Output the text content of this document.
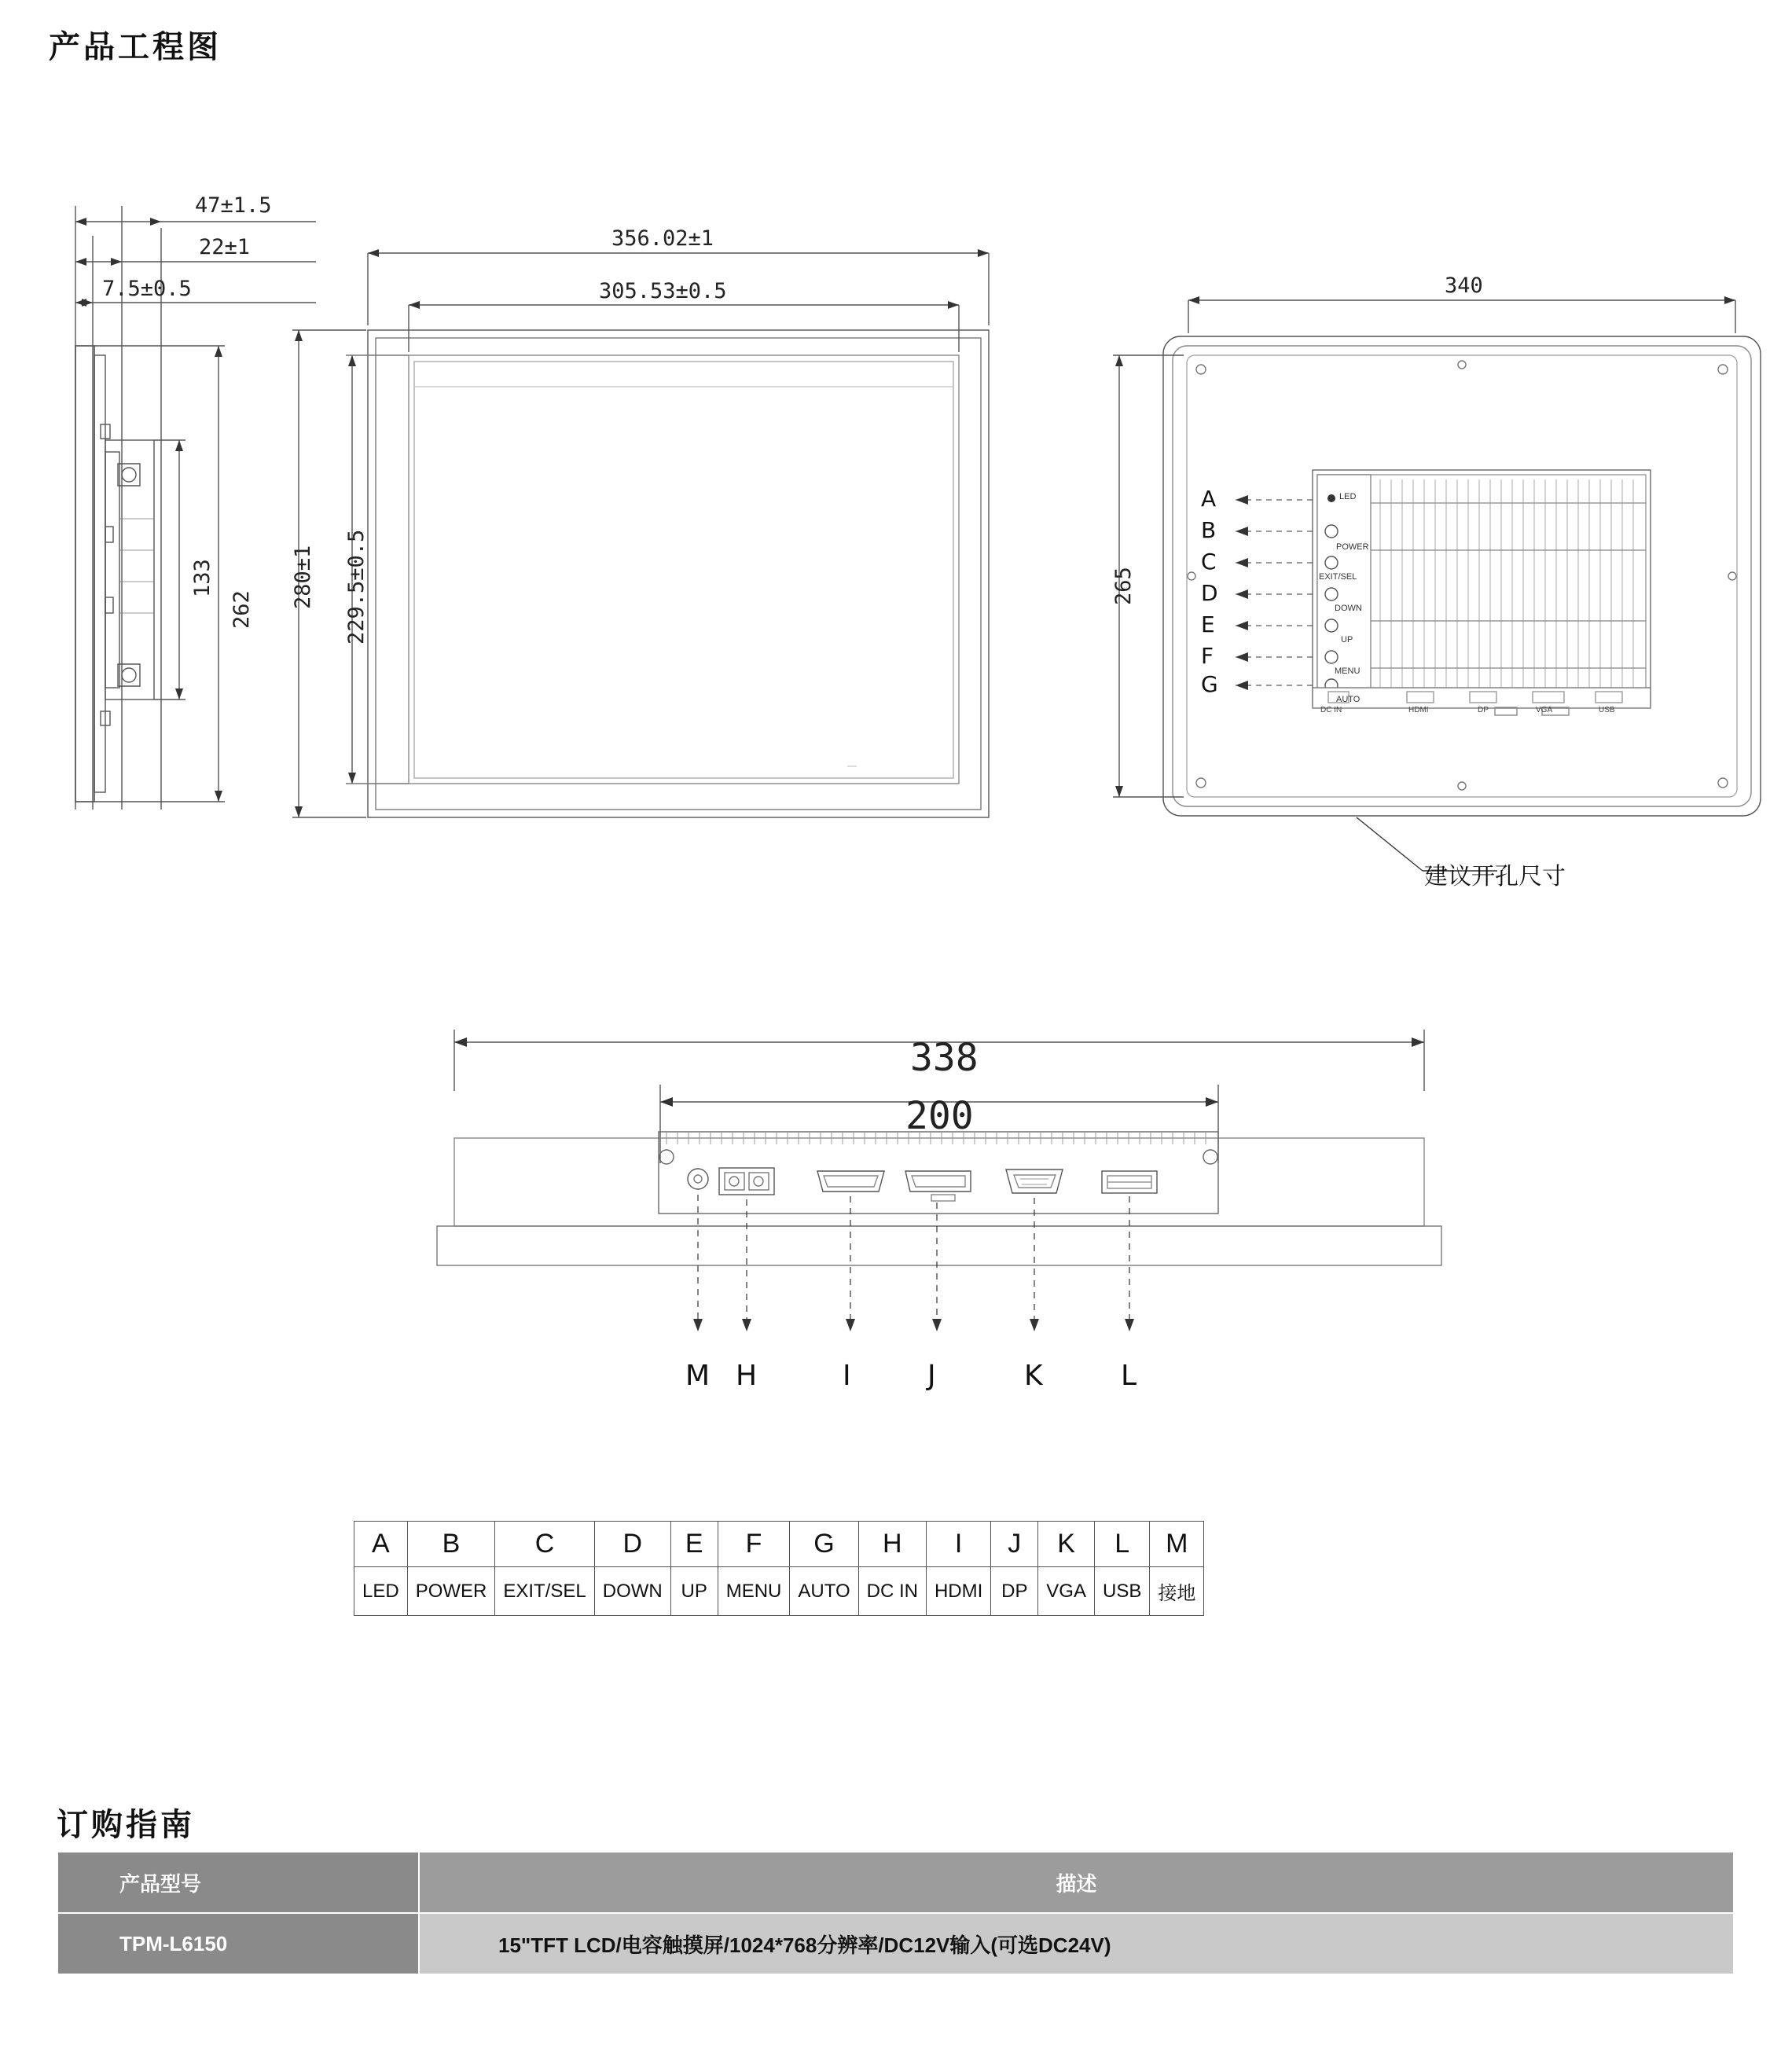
产品工程图
47±1.5
22±1
7.5±0.5
133
262
356.02±1
305.53±0.5
280±1 229.5±0.5
340
265
A
B
C
D
E
F
G
LED
POWER
EXIT/SEL
DOWN
UP
MENU
AUTO
DC IN	HDMI	DP	VGA	USB
建议开孔尺寸
338
200
M H	I	J	K	L
A	B	C	D	E	F	G	H	I	J	K	L	M
LED	POWER	EXIT/SEL	DOWN	UP	MENU	AUTO	DC IN	HDMI	DP	VGA	USB	接地
订购指南
产品型号	描述
TPM-L6150	15"TFT LCD/电容触摸屏/1024*768分辨率/DC12V输入(可选DC24V)
